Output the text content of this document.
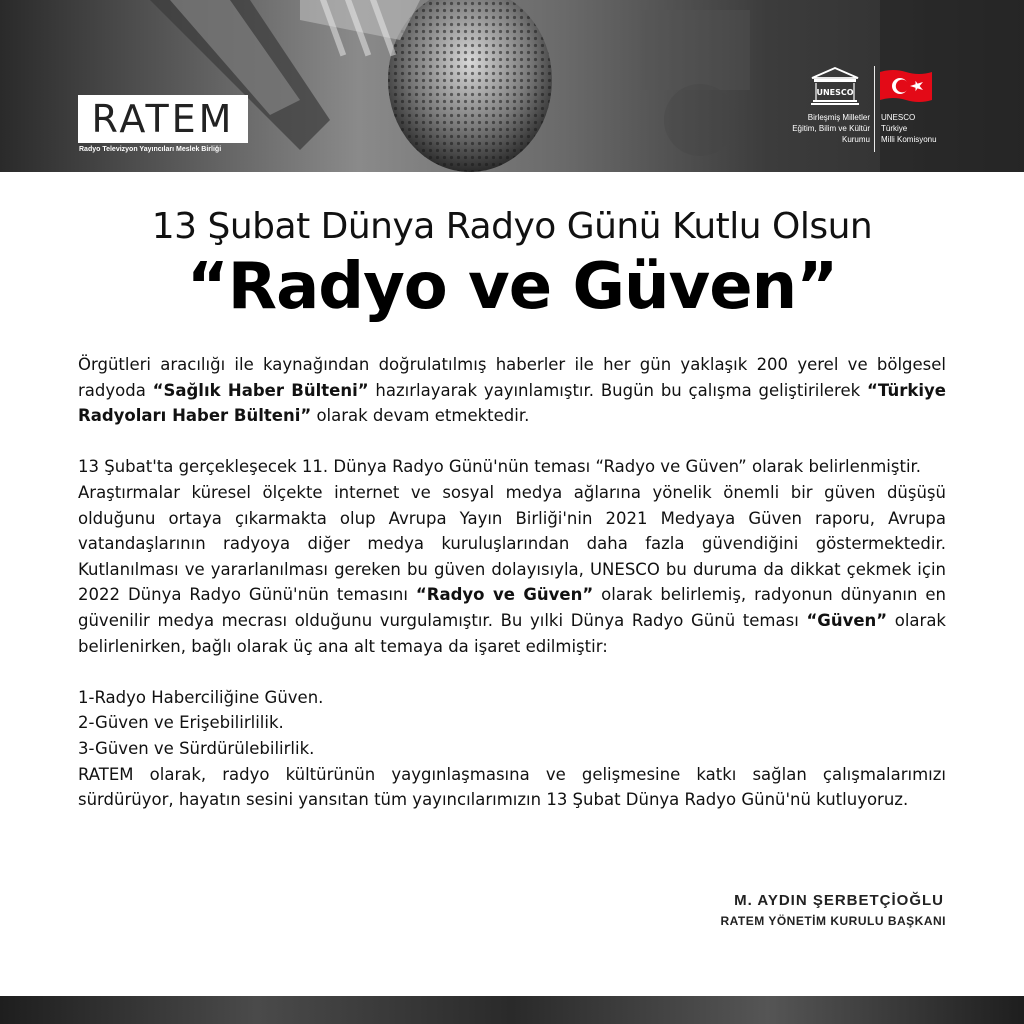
RATEM
Radyo Televizyon Yayıncıları Meslek Birliği
UNESCO
Birleşmiş Milletler
Eğitim, Bilim ve Kültür
Kurumu
UNESCO
Türkiye
Milli Komisyonu
13 Şubat Dünya Radyo Günü Kutlu Olsun
“Radyo ve Güven”

Örgütleri aracılığı ile kaynağından doğrulatılmış haberler ile her gün yaklaşık 200 yerel ve bölgesel radyoda “Sağlık Haber Bülteni” hazırlayarak yayınlamıştır. Bugün bu çalışma geliştirilerek “Türkiye Radyoları Haber Bülteni” olarak devam etmektedir.

13 Şubat'ta gerçekleşecek 11. Dünya Radyo Günü'nün teması “Radyo ve Güven” olarak belirlenmiştir.

Araştırmalar küresel ölçekte internet ve sosyal medya ağlarına yönelik önemli bir güven düşüşü olduğunu ortaya çıkarmakta olup Avrupa Yayın Birliği'nin 2021 Medyaya Güven raporu, Avrupa vatandaşlarının radyoya diğer medya kuruluşlarından daha fazla güvendiğini göstermektedir. Kutlanılması ve yararlanılması gereken bu güven dolayısıyla, UNESCO bu duruma da dikkat çekmek için 2022 Dünya Radyo Günü'nün temasını “Radyo ve Güven” olarak belirlemiş, radyonun dünyanın en güvenilir medya mecrası olduğunu vurgulamıştır. Bu yılki Dünya Radyo Günü teması “Güven” olarak belirlenirken, bağlı olarak üç ana alt temaya da işaret edilmiştir:

1-Radyo Haberciliğine Güven.

2-Güven ve Erişebilirlilik.

3-Güven ve Sürdürülebilirlik.

RATEM olarak, radyo kültürünün yaygınlaşmasına ve gelişmesine katkı sağlan çalışmalarımızı sürdürüyor, hayatın sesini yansıtan tüm yayıncılarımızın 13 Şubat Dünya Radyo Günü'nü kutluyoruz.

M. AYDIN ŞERBETÇİOĞLU
RATEM YÖNETİM KURULU BAŞKANI
